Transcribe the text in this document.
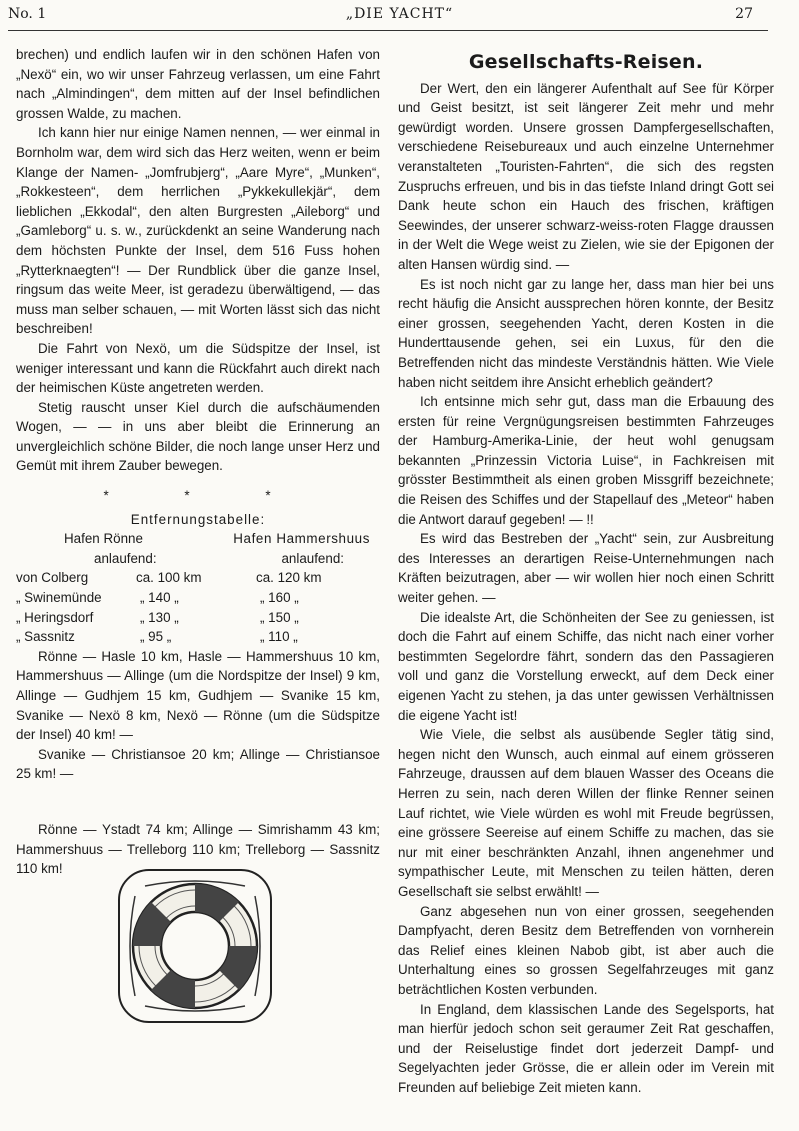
No. 1	„DIE YACHT“	27

brechen) und endlich laufen wir in den schönen Hafen von „Nexö“ ein, wo wir unser Fahrzeug verlassen, um eine Fahrt nach „Almindingen“, dem mitten auf der Insel befindlichen grossen Walde, zu machen.

Ich kann hier nur einige Namen nennen, — wer einmal in Bornholm war, dem wird sich das Herz weiten, wenn er beim Klange der Namen- „Jomfrubjerg“, „Aare Myre“, „Munken“, „Rokkesteen“, dem herrlichen „Pykkekullekjär“, dem lieblichen „Ekkodal“, den alten Burgresten „Aileborg“ und „Gamleborg“ u. s. w., zurückdenkt an seine Wanderung nach dem höchsten Punkte der Insel, dem 516 Fuss hohen „Rytterknaegten“! — Der Rundblick über die ganze Insel, ringsum das weite Meer, ist geradezu überwältigend, — das muss man selber schauen, — mit Worten lässt sich das nicht beschreiben!

Die Fahrt von Nexö, um die Südspitze der Insel, ist weniger interessant und kann die Rückfahrt auch direkt nach der heimischen Küste angetreten werden.

Stetig rauscht unser Kiel durch die aufschäumenden Wogen, — — in uns aber bleibt die Erinnerung an unvergleichlich schöne Bilder, die noch lange unser Herz und Gemüt mit ihrem Zauber bewegen.

* * *
Entfernungstabelle:
Hafen Rönne	Hafen Hammershuus
anlaufend:	anlaufend:
von Colberg	ca. 100 km	ca. 120 km
„ Swinemünde	„ 140 „	„ 160 „
„ Heringsdorf	„ 130 „	„ 150 „
„ Sassnitz	„ 95 „	„ 110 „

Rönne — Hasle 10 km, Hasle — Hammershuus 10 km, Hammershuus — Allinge (um die Nordspitze der Insel) 9 km, Allinge — Gudhjem 15 km, Gudhjem — Svanike 15 km, Svanike — Nexö 8 km, Nexö — Rönne (um die Südspitze der Insel) 40 km! —

Svanike — Christiansoe 20 km; Allinge — Christiansoe 25 km! —

Rönne — Ystadt 74 km; Allinge — Simrishamm 43 km; Hammershuus — Trelleborg 110 km; Trelleborg — Sassnitz 110 km!

Gesellschafts-Reisen.

Der Wert, den ein längerer Aufenthalt auf See für Körper und Geist besitzt, ist seit längerer Zeit mehr und mehr gewürdigt worden. Unsere grossen Dampfergesellschaften, verschiedene Reisebureaux und auch einzelne Unternehmer veranstalteten „Touristen-Fahrten“, die sich des regsten Zuspruchs erfreuen, und bis in das tiefste Inland dringt Gott sei Dank heute schon ein Hauch des frischen, kräftigen Seewindes, der unserer schwarz-weiss-roten Flagge draussen in der Welt die Wege weist zu Zielen, wie sie der Epigonen der alten Hansen würdig sind. —

Es ist noch nicht gar zu lange her, dass man hier bei uns recht häufig die Ansicht aussprechen hören konnte, der Besitz einer grossen, seegehenden Yacht, deren Kosten in die Hunderttausende gehen, sei ein Luxus, für den die Betreffenden nicht das mindeste Verständnis hätten. Wie Viele haben nicht seitdem ihre Ansicht erheblich geändert?

Ich entsinne mich sehr gut, dass man die Erbauung des ersten für reine Vergnügungsreisen bestimmten Fahrzeuges der Hamburg-Amerika-Linie, der heut wohl genugsam bekannten „Prinzessin Victoria Luise“, in Fachkreisen mit grösster Bestimmtheit als einen groben Missgriff bezeichnete; die Reisen des Schiffes und der Stapellauf des „Meteor“ haben die Antwort darauf gegeben! — !!

Es wird das Bestreben der „Yacht“ sein, zur Ausbreitung des Interesses an derartigen Reise-Unternehmungen nach Kräften beizutragen, aber — wir wollen hier noch einen Schritt weiter gehen. —

Die idealste Art, die Schönheiten der See zu geniessen, ist doch die Fahrt auf einem Schiffe, das nicht nach einer vorher bestimmten Segelordre fährt, sondern das den Passagieren voll und ganz die Vorstellung erweckt, auf dem Deck einer eigenen Yacht zu stehen, ja das unter gewissen Verhältnissen die eigene Yacht ist!

Wie Viele, die selbst als ausübende Segler tätig sind, hegen nicht den Wunsch, auch einmal auf einem grösseren Fahrzeuge, draussen auf dem blauen Wasser des Oceans die Herren zu sein, nach deren Willen der flinke Renner seinen Lauf richtet, wie Viele würden es wohl mit Freude begrüssen, eine grössere Seereise auf einem Schiffe zu machen, das sie nur mit einer beschränkten Anzahl, ihnen angenehmer und sympathischer Leute, mit Menschen zu teilen hätten, deren Gesellschaft sie selbst erwählt! —

Ganz abgesehen nun von einer grossen, seegehenden Dampfyacht, deren Besitz dem Betreffenden von vornherein das Relief eines kleinen Nabob gibt, ist aber auch die Unterhaltung eines so grossen Segelfahrzeuges mit ganz beträchtlichen Kosten verbunden.

In England, dem klassischen Lande des Segelsports, hat man hierfür jedoch schon seit geraumer Zeit Rat geschaffen, und der Reiselustige findet dort jederzeit Dampf- und Segelyachten jeder Grösse, die er allein oder im Verein mit Freunden auf beliebige Zeit mieten kann.
